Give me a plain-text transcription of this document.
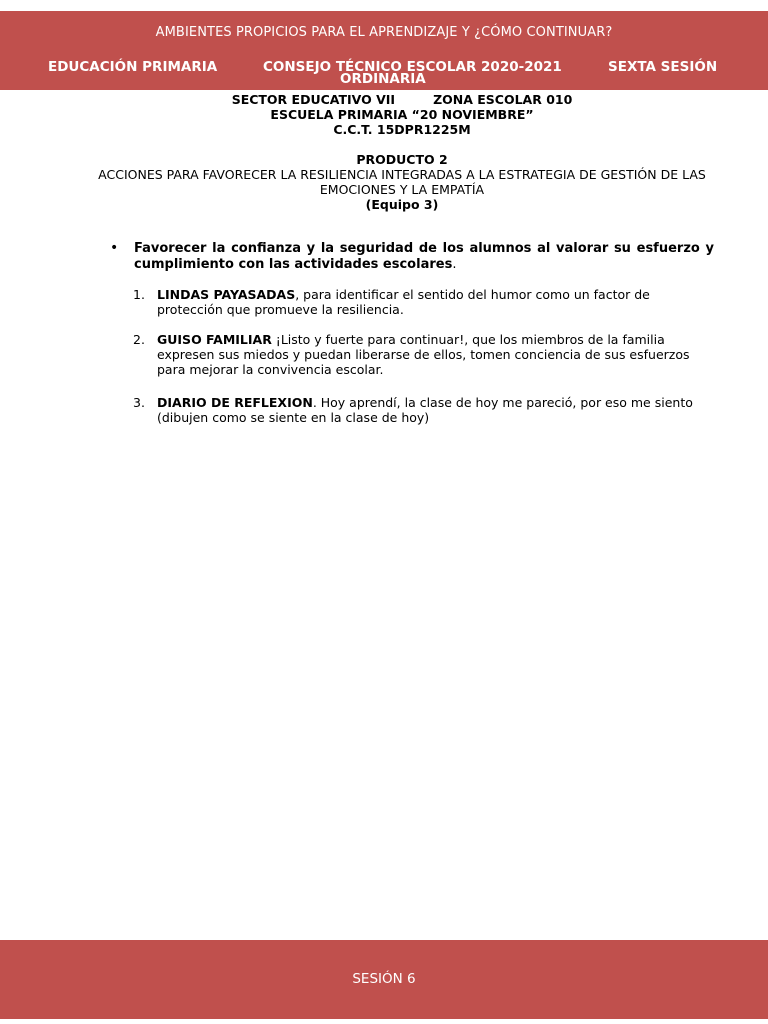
AMBIENTES PROPICIOS PARA EL APRENDIZAJE Y ¿CÓMO CONTINUAR?
EDUCACIÓN PRIMARIA	CONSEJO TÉCNICO ESCOLAR 2020-2021
ORDINARIA
SEXTA SESIÓN
SECTOR EDUCATIVO VII	ZONA ESCOLAR 010
ESCUELA PRIMARIA “20 NOVIEMBRE”
C.C.T. 15DPR1225M
PRODUCTO 2
ACCIONES PARA FAVORECER LA RESILIENCIA INTEGRADAS A LA ESTRATEGIA DE GESTIÓN DE LAS EMOCIONES Y LA EMPATÍA
(Equipo 3)
• Favorecer la confianza y la seguridad de los alumnos al valorar su esfuerzo y cumplimiento con las actividades escolares.
1. LINDAS PAYASADAS, para identificar el sentido del humor como un factor de protección que promueve la resiliencia.
2. GUISO FAMILIAR ¡Listo y fuerte para continuar!, que los miembros de la familia expresen sus miedos y puedan liberarse de ellos, tomen conciencia de sus esfuerzos para mejorar la convivencia escolar.
3. DIARIO DE REFLEXION. Hoy aprendí, la clase de hoy me pareció, por eso me siento (dibujen como se siente en la clase de hoy)
SESIÓN 6
